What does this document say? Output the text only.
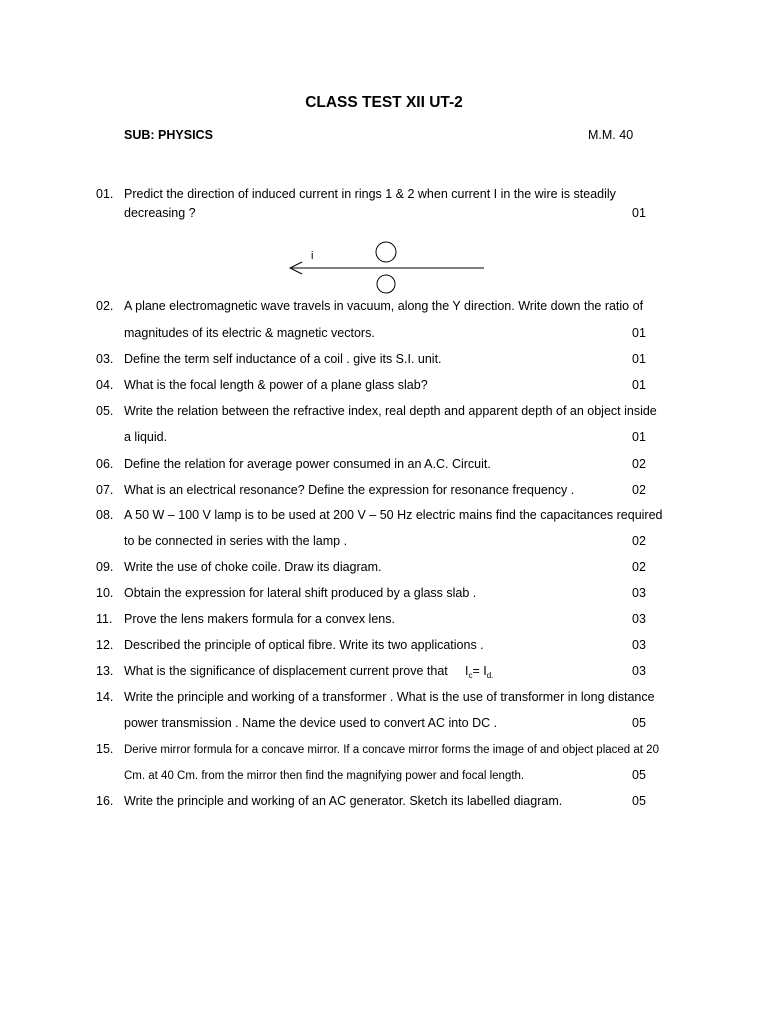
CLASS TEST XII UT-2
SUB: PHYSICS	M.M. 40
01. Predict the direction of induced current in rings 1 & 2 when current I in the wire is steadily
decreasing ?	01
i
02. A plane electromagnetic wave travels in vacuum, along the Y direction. Write down the ratio of
magnitudes of its electric & magnetic vectors.	01
03. Define the term self inductance of a coil . give its S.I. unit.	01
04. What is the focal length & power of a plane glass slab?	01
05. Write the relation between the refractive index, real depth and apparent depth of an object inside
a liquid.	01
06. Define the relation for average power consumed in an A.C. Circuit.	02
07. What is an electrical resonance? Define the expression for resonance frequency .	02
08. A 50 W – 100 V lamp is to be used at 200 V – 50 Hz electric mains find the capacitances required
to be connected in series with the lamp .	02
09. Write the use of choke coile. Draw its diagram.	02
10. Obtain the expression for lateral shift produced by a glass slab .	03
11. Prove the lens makers formula for a convex lens.	03
12. Described the principle of optical fibre. Write its two applications .	03
13. What is the significance of displacement current prove that $I_c= I_{d.}$	03
14. Write the principle and working of a transformer . What is the use of transformer in long distance
power transmission . Name the device used to convert AC into DC .	05
15. Derive mirror formula for a concave mirror. If a concave mirror forms the image of and object placed at 20
Cm. at 40 Cm. from the mirror then find the magnifying power and focal length.	05
16. Write the principle and working of an AC generator. Sketch its labelled diagram.	05
